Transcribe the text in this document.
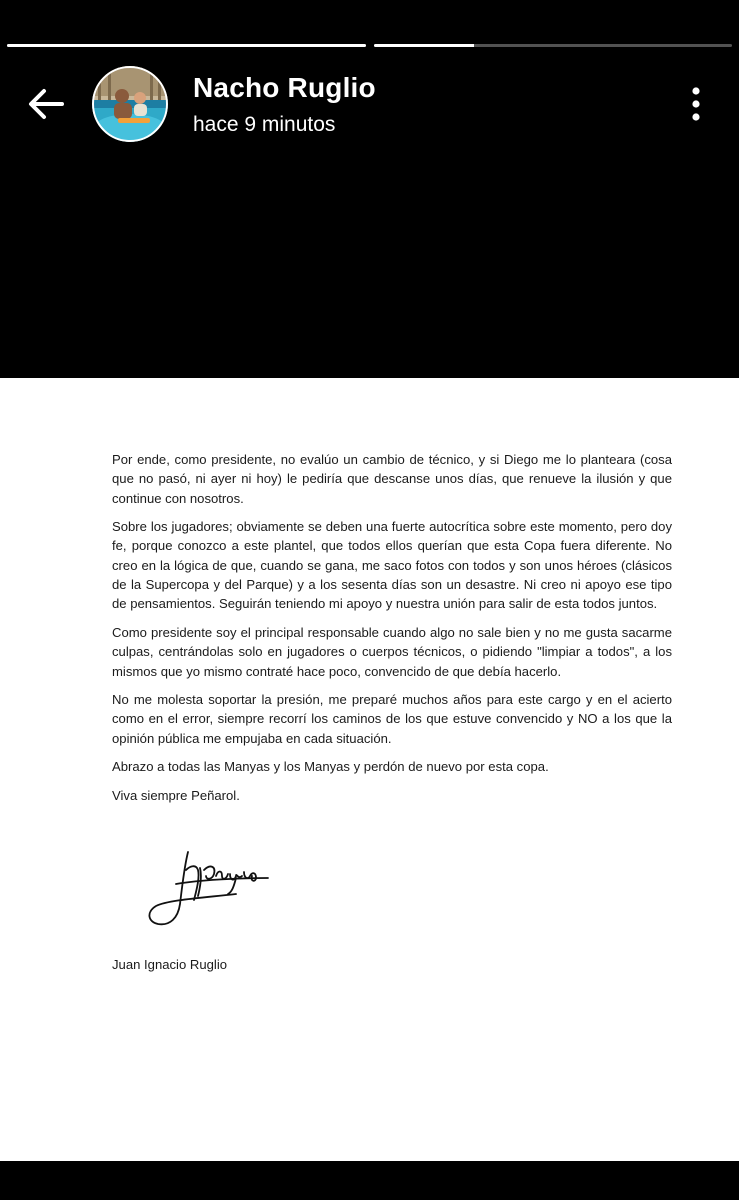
Nacho Ruglio
hace 9 minutos

Por ende, como presidente, no evalúo un cambio de técnico, y si Diego me lo planteara (cosa que no pasó, ni ayer ni hoy) le pediría que descanse unos días, que renueve la ilusión y que continue con nosotros.

Sobre los jugadores; obviamente se deben una fuerte autocrítica sobre este momento, pero doy fe, porque conozco a este plantel, que todos ellos querían que esta Copa fuera diferente. No creo en la lógica de que, cuando se gana, me saco fotos con todos y son unos héroes (clásicos de la Supercopa y del Parque) y a los sesenta días son un desastre. Ni creo ni apoyo ese tipo de pensamientos. Seguirán teniendo mi apoyo y nuestra unión para salir de esta todos juntos.

Como presidente soy el principal responsable cuando algo no sale bien y no me gusta sacarme culpas, centrándolas solo en jugadores o cuerpos técnicos, o pidiendo "limpiar a todos", a los mismos que yo mismo contraté hace poco, convencido de que debía hacerlo.

No me molesta soportar la presión, me preparé muchos años para este cargo y en el acierto como en el error, siempre recorrí los caminos de los que estuve convencido y NO a los que la opinión pública me empujaba en cada situación.

Abrazo a todas las Manyas y los Manyas y perdón de nuevo por esta copa.

Viva siempre Peñarol.

Juan Ignacio Ruglio
